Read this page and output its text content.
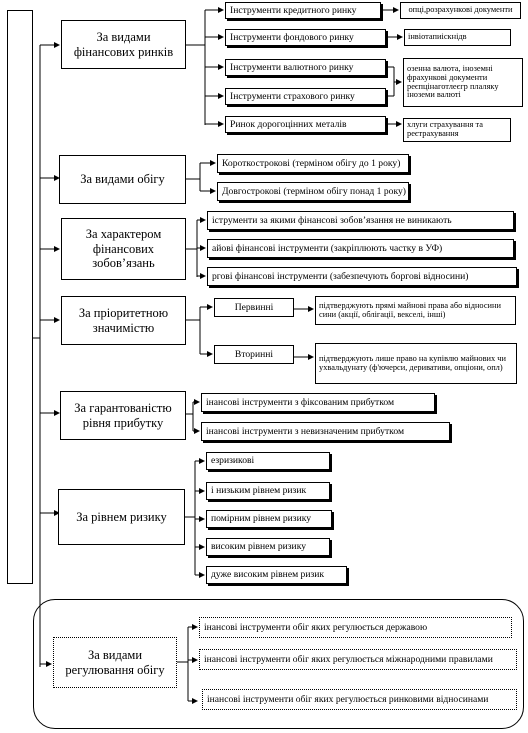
За видами фінансових ринків
Інструменти кредитного ринку	опці,розрахункові документи
Інструменти фондового ринку	інвіотапиіскнідв
Інструменти валютного ринку	озенна валюта, іноземні фрахункові документи реєпцінаготлеєгр плаляку іноземи валюті
Інструменти страхового ринку
Ринок дорогоцінних металів	хлуги страхування та реєтрахування
За видами обігу
Короткострокові (терміном обігу до 1 року)
Довгострокові (терміном обігу понад 1 року)
За характером фінансових зобов’язань
іструменти за якими фінансові зобов’язання не виникають
айові фінансові інструменти (закріплюють частку в УФ)
ргові фінансові інструменти (забезпечують боргові відносини)
За пріоритетною значимістю
Первинні	підтверджують прямі майнові права або відносини сини (акції, облігації, векселі, інші)
Вторинні	підтверджують лише право на купівлю майнових чи ухвальдунату (ф'ючерси, деривативи, опціони, опл)
За гарантованістю рівня прибутку
інансові інструменти з фіксованим прибутком
інансові інструменти з невизначеним прибутком
За рівнем ризику
езризикові
і низьким рівнем ризик
помірним рівнем ризику
високим рівнем ризику
дуже високим рівнем ризик
За видами регулювання обігу
інансові інструменти обіг яких регулюється державою
інансові інструменти обіг яких регулюється міжнародними правилами
інансові інструменти обіг яких регулюється ринковими відносинами
